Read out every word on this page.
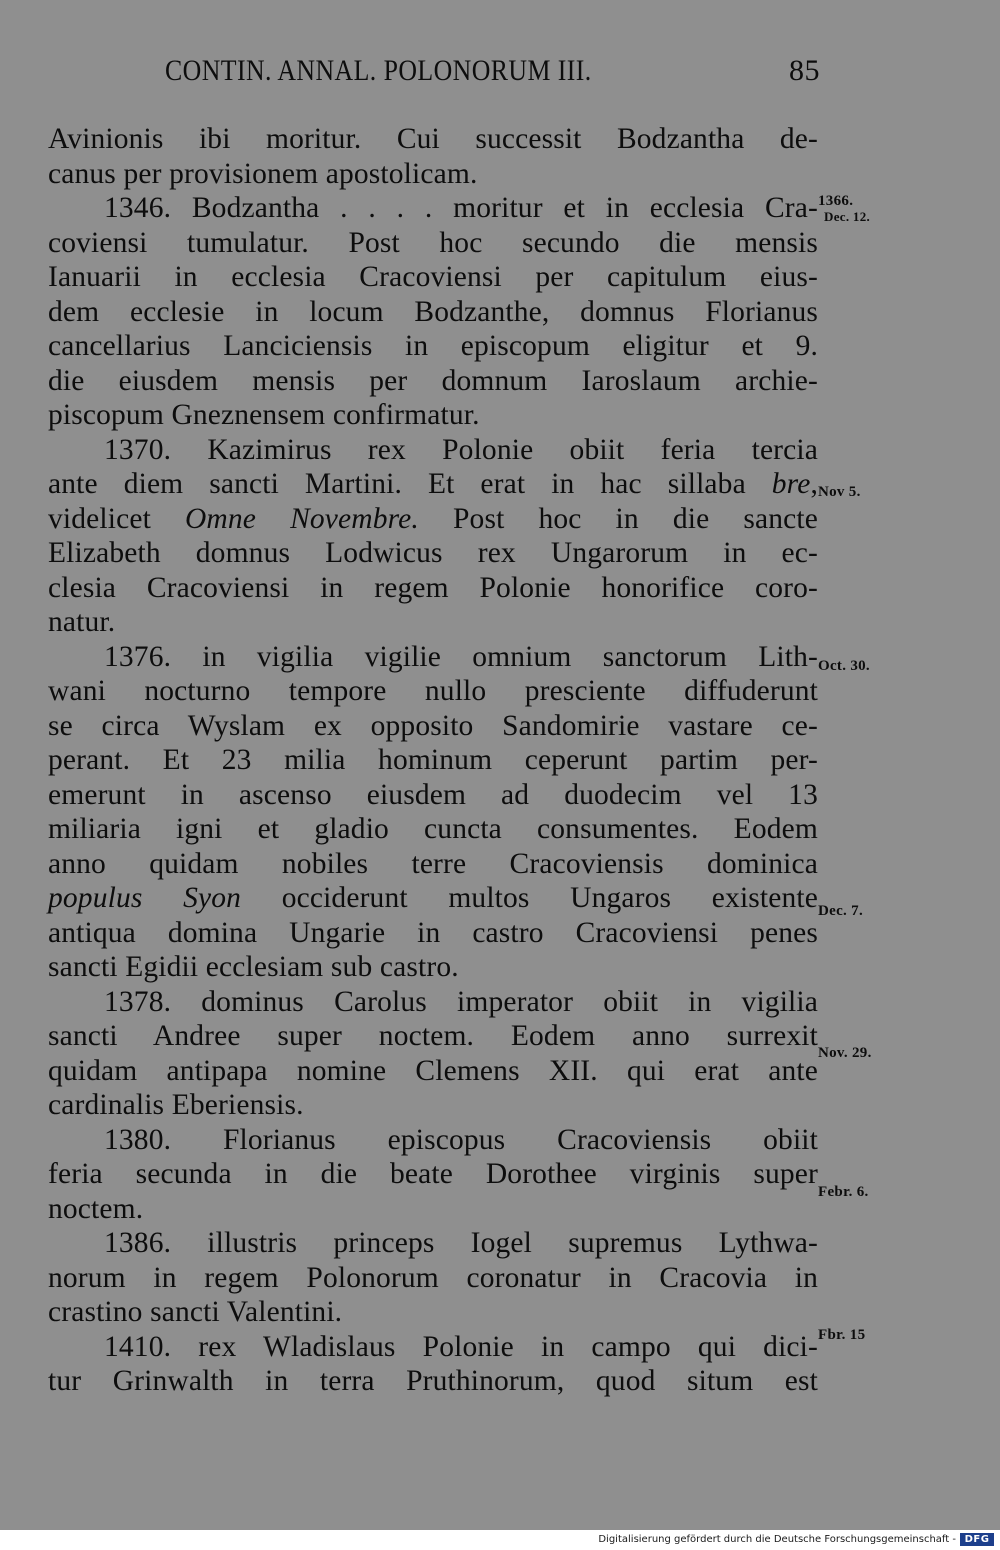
CONTIN. ANNAL. POLONORUM III.	85
Avinionis ibi moritur. Cui successit Bodzantha de-
canus per provisionem apostolicam.
1346. Bodzantha . . . . moritur et in ecclesia Cra-
coviensi tumulatur. Post hoc secundo die mensis
Ianuarii in ecclesia Cracoviensi per capitulum eius-
dem ecclesie in locum Bodzanthe, domnus Florianus
cancellarius Lanciciensis in episcopum eligitur et 9.
die eiusdem mensis per domnum Iaroslaum archie-
piscopum Gneznensem confirmatur.
1370. Kazimirus rex Polonie obiit feria tercia
ante diem sancti Martini. Et erat in hac sillaba bre,
videlicet Omne Novembre. Post hoc in die sancte
Elizabeth domnus Lodwicus rex Ungarorum in ec-
clesia Cracoviensi in regem Polonie honorifice coro-
natur.
1376. in vigilia vigilie omnium sanctorum Lith-
wani nocturno tempore nullo presciente diffuderunt
se circa Wyslam ex opposito Sandomirie vastare ce-
perant. Et 23 milia hominum ceperunt partim per-
emerunt in ascenso eiusdem ad duodecim vel 13
miliaria igni et gladio cuncta consumentes. Eodem
anno quidam nobiles terre Cracoviensis dominica
populus Syon occiderunt multos Ungaros existente
antiqua domina Ungarie in castro Cracoviensi penes
sancti Egidii ecclesiam sub castro.
1378. dominus Carolus imperator obiit in vigilia
sancti Andree super noctem. Eodem anno surrexit
quidam antipapa nomine Clemens XII. qui erat ante
cardinalis Eberiensis.
1380. Florianus episcopus Cracoviensis obiit
feria secunda in die beate Dorothee virginis super
noctem.
1386. illustris princeps Iogel supremus Lythwa-
norum in regem Polonorum coronatur in Cracovia in
crastino sancti Valentini.
1410. rex Wladislaus Polonie in campo qui dici-
tur Grinwalth in terra Pruthinorum, quod situm est
1366.
Dec. 12.
Nov 5.
Oct. 30.
Dec. 7.
Nov. 29.
Febr. 6.
Fbr. 15
Digitalisierung gefördert durch die Deutsche Forschungsgemeinschaft - DFG
